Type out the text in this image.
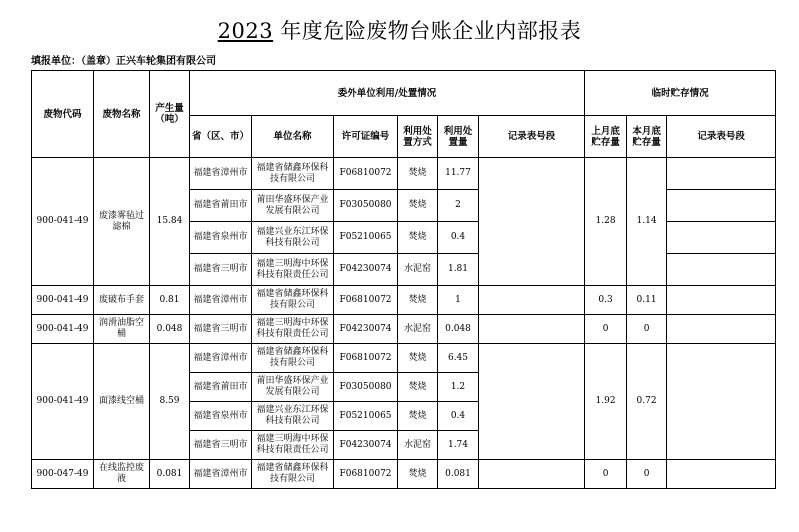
2023 年度危险废物台账企业内部报表
填报单位：（盖章）正兴车轮集团有限公司
废物代码	废物名称	产生量（吨）	委外单位利用/处置情况						临时贮存情况		
			省（区、市）	单位名称	许可证编号	利用处置方式	利用处置量	记录表号段	上月底贮存量	本月底贮存量	记录表号段
900-041-49	废漆雾毡过滤棉	15.84	福建省漳州市	福建省储鑫环保科技有限公司	F06810072	焚烧	11.77		1.28	1.14	
			福建省莆田市	莆田华盛环保产业发展有限公司	F03050080	焚烧	2				
			福建省泉州市	福建兴业东江环保科技有限公司	F05210065	焚烧	0.4				
			福建省三明市	福建三明海中环保科技有限责任公司	F04230074	水泥窑	1.81				
900-041-49	废破布手套	0.81	福建省漳州市	福建省储鑫环保科技有限公司	F06810072	焚烧	1		0.3	0.11	
900-041-49	润滑油脂空桶	0.048	福建省三明市	福建三明海中环保科技有限责任公司	F04230074	水泥窑	0.048		0	0	
900-041-49	面漆线空桶	8.59	福建省漳州市	福建省储鑫环保科技有限公司	F06810072	焚烧	6.45		1.92	0.72	
			福建省莆田市	莆田华盛环保产业发展有限公司	F03050080	焚烧	1.2				
			福建省泉州市	福建兴业东江环保科技有限公司	F05210065	焚烧	0.4				
			福建省三明市	福建三明海中环保科技有限责任公司	F04230074	水泥窑	1.74				
900-047-49	在线监控废液	0.081	福建省漳州市	福建省储鑫环保科技有限公司	F06810072	焚烧	0.081		0	0	
